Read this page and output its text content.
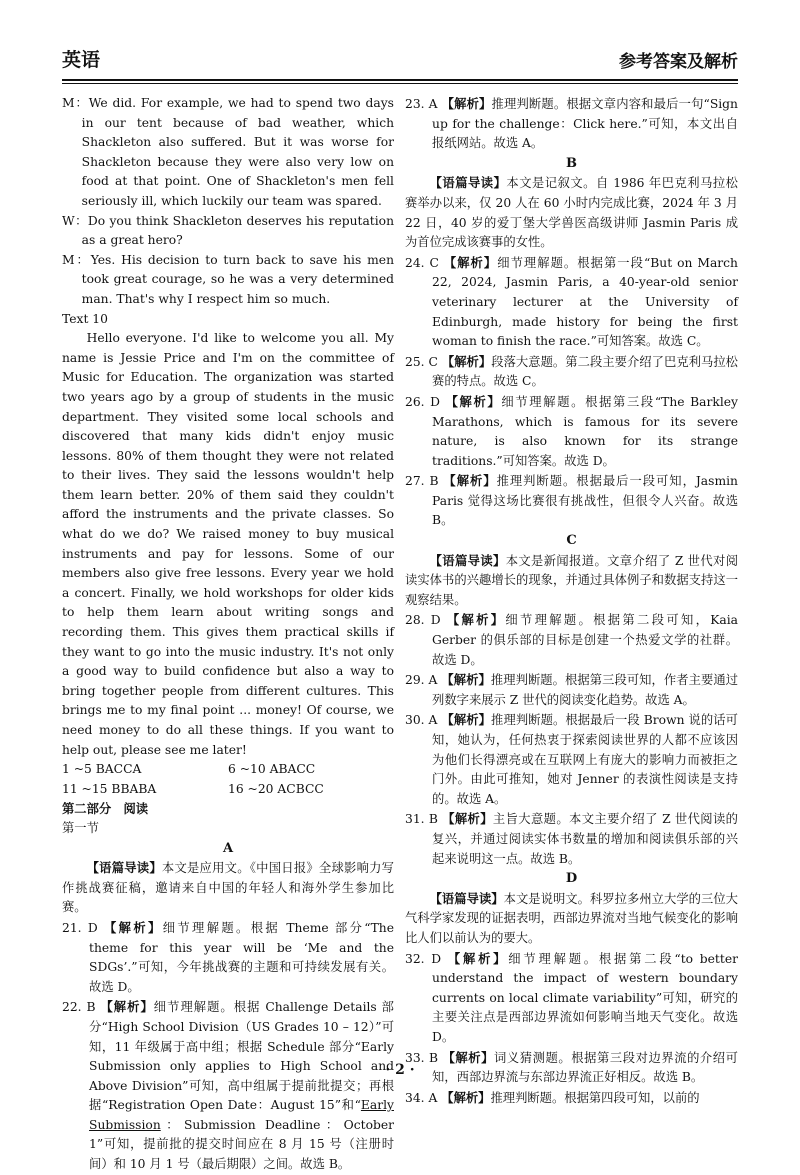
英语	参考答案及解析

M：We did. For example, we had to spend two days in our tent because of bad weather, which Shackleton also suffered. But it was worse for Shackleton because they were also very low on food at that point. One of Shackleton's men fell seriously ill, which luckily our team was spared.

W：Do you think Shackleton deserves his reputation as a great hero?

M：Yes. His decision to turn back to save his men took great courage, so he was a very determined man. That's why I respect him so much.

Text 10

Hello everyone. I'd like to welcome you all. My name is Jessie Price and I'm on the committee of Music for Education. The organization was started two years ago by a group of students in the music department. They visited some local schools and discovered that many kids didn't enjoy music lessons. 80% of them thought they were not related to their lives. They said the lessons wouldn't help them learn better. 20% of them said they couldn't afford the instruments and the private classes. So what do we do? We raised money to buy musical instruments and pay for lessons. Some of our members also give free lessons. Every year we hold a concert. Finally, we hold workshops for older kids to help them learn about writing songs and recording them. This gives them practical skills if they want to go into the music industry. It's not only a good way to build confidence but also a way to bring together people from different cultures. This brings me to my final point ... money! Of course, we need money to do all these things. If you want to help out, please see me later!

1 ~5 BACCA	6 ~10 ABACC
11 ~15 BBABA	16 ~20 ACBCC

第二部分　阅读

第一节

A

【语篇导读】本文是应用文。《中国日报》全球影响力写作挑战赛征稿，邀请来自中国的年轻人和海外学生参加比赛。

21. D 【解析】细节理解题。根据 Theme 部分“The theme for this year will be ‘Me and the SDGs’.”可知，今年挑战赛的主题和可持续发展有关。故选 D。

22. B 【解析】细节理解题。根据 Challenge Details 部分“High School Division（US Grades 10 – 12）”可知，11 年级属于高中组；根据 Schedule 部分“Early Submission only applies to High School and Above Division”可知，高中组属于提前批提交；再根据“Registration Open Date：August 15”和“Early Submission：Submission Deadline：October 1”可知，提前批的提交时间应在 8 月 15 号（注册时间）和 10 月 1 号（最后期限）之间。故选 B。

23. A 【解析】推理判断题。根据文章内容和最后一句“Sign up for the challenge：Click here.”可知，本文出自报纸网站。故选 A。

B

【语篇导读】本文是记叙文。自 1986 年巴克利马拉松赛举办以来，仅 20 人在 60 小时内完成比赛，2024 年 3 月 22 日，40 岁的爱丁堡大学兽医高级讲师 Jasmin Paris 成为首位完成该赛事的女性。

24. C 【解析】细节理解题。根据第一段“But on March 22, 2024, Jasmin Paris, a 40-year-old senior veterinary lecturer at the University of Edinburgh, made history for being the first woman to finish the race.”可知答案。故选 C。

25. C 【解析】段落大意题。第二段主要介绍了巴克利马拉松赛的特点。故选 C。

26. D 【解析】细节理解题。根据第三段“The Barkley Marathons, which is famous for its severe nature, is also known for its strange traditions.”可知答案。故选 D。

27. B 【解析】推理判断题。根据最后一段可知，Jasmin Paris 觉得这场比赛很有挑战性，但很令人兴奋。故选 B。

C

【语篇导读】本文是新闻报道。文章介绍了 Z 世代对阅读实体书的兴趣增长的现象，并通过具体例子和数据支持这一观察结果。

28. D 【解析】细节理解题。根据第二段可知，Kaia Gerber 的俱乐部的目标是创建一个热爱文学的社群。故选 D。

29. A 【解析】推理判断题。根据第三段可知，作者主要通过列数字来展示 Z 世代的阅读变化趋势。故选 A。

30. A 【解析】推理判断题。根据最后一段 Brown 说的话可知，她认为，任何热衷于探索阅读世界的人都不应该因为他们长得漂亮或在互联网上有庞大的影响力而被拒之门外。由此可推知，她对 Jenner 的表演性阅读是支持的。故选 A。

31. B 【解析】主旨大意题。本文主要介绍了 Z 世代阅读的复兴，并通过阅读实体书数量的增加和阅读俱乐部的兴起来说明这一点。故选 B。

D

【语篇导读】本文是说明文。科罗拉多州立大学的三位大气科学家发现的证据表明，西部边界流对当地气候变化的影响比人们以前认为的要大。

32. D 【解析】细节理解题。根据第二段“to better understand the impact of western boundary currents on local climate variability”可知，研究的主要关注点是西部边界流如何影响当地天气变化。故选 D。

33. B 【解析】词义猜测题。根据第三段对边界流的介绍可知，西部边界流与东部边界流正好相反。故选 B。

34. A 【解析】推理判断题。根据第四段可知，以前的

· 2 ·
